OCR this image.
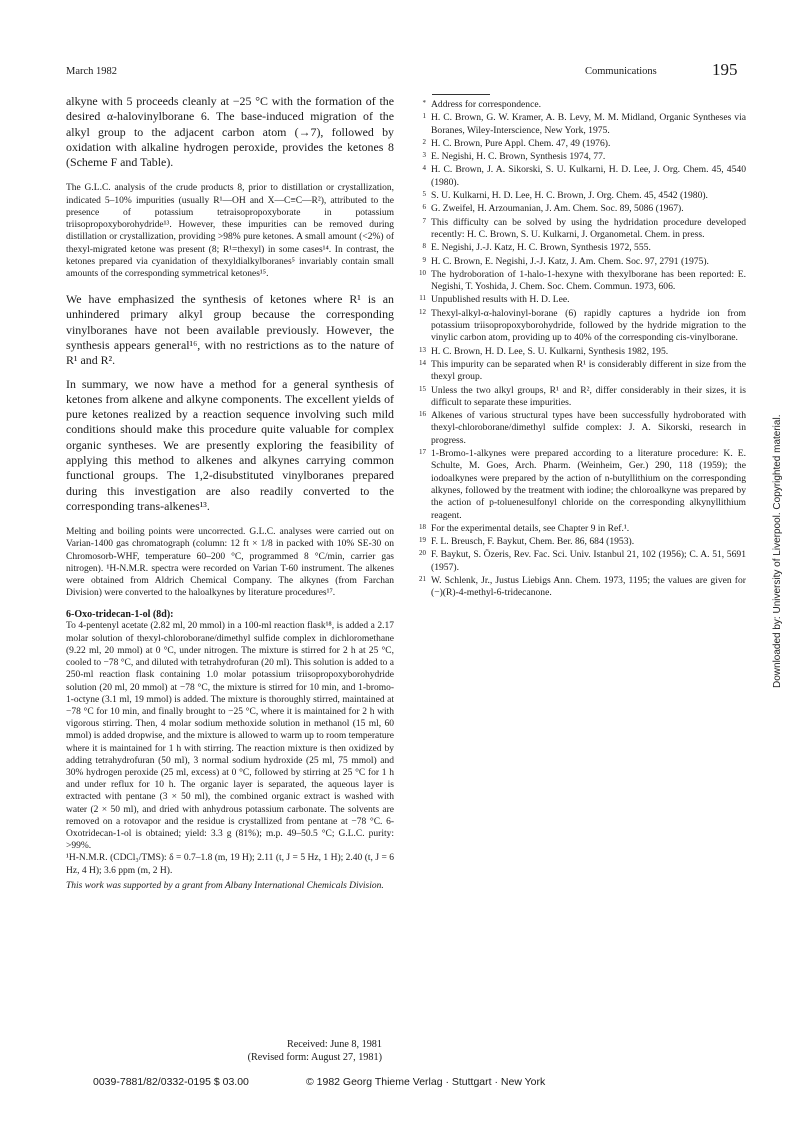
March 1982	Communications	195

alkyne with 5 proceeds cleanly at −25 °C with the formation of the desired α-halovinylborane 6. The base-induced migration of the alkyl group to the adjacent carbon atom (→7), followed by oxidation with alkaline hydrogen peroxide, provides the ketones 8 (Scheme F and Table).

The G.L.C. analysis of the crude products 8, prior to distillation or crystallization, indicated 5–10% impurities (usually R¹—OH and X—C≡C—R²), attributed to the presence of potassium tetraisopropoxyborate in potassium triisopropoxyborohydride¹³. However, these impurities can be removed during distillation or crystallization, providing >98% pure ketones. A small amount (<2%) of thexyl-migrated ketone was present (8; R¹=thexyl) in some cases¹⁴. In contrast, the ketones prepared via cyanidation of thexyldialkylboranes⁵ invariably contain small amounts of the corresponding symmetrical ketones¹⁵.

We have emphasized the synthesis of ketones where R¹ is an unhindered primary alkyl group because the corresponding vinylboranes have not been available previously. However, the synthesis appears general¹⁶, with no restrictions as to the nature of R¹ and R².

In summary, we now have a method for a general synthesis of ketones from alkene and alkyne components. The excellent yields of pure ketones realized by a reaction sequence involving such mild conditions should make this procedure quite valuable for complex organic syntheses. We are presently exploring the feasibility of applying this method to alkenes and alkynes carrying common functional groups. The 1,2-disubstituted vinylboranes prepared during this investigation are also readily converted to the corresponding trans-alkenes¹³.

Melting and boiling points were uncorrected. G.L.C. analyses were carried out on Varian-1400 gas chromatograph (column: 12 ft × 1/8 in packed with 10% SE-30 on Chromosorb-WHF, temperature 60–200 °C, programmed 8 °C/min, carrier gas nitrogen). ¹H-N.M.R. spectra were recorded on Varian T-60 instrument. The alkenes were obtained from Aldrich Chemical Company. The alkynes (from Farchan Division) were converted to the haloalkynes by literature procedures¹⁷.

6-Oxo-tridecan-1-ol (8d):

To 4-pentenyl acetate (2.82 ml, 20 mmol) in a 100-ml reaction flask¹⁸, is added a 2.17 molar solution of thexyl-chloroborane/dimethyl sulfide complex in dichloromethane (9.22 ml, 20 mmol) at 0 °C, under nitrogen. The mixture is stirred for 2 h at 25 °C, cooled to −78 °C, and diluted with tetrahydrofuran (20 ml). This solution is added to a 250-ml reaction flask containing 1.0 molar potassium triisopropoxyborohydride solution (20 ml, 20 mmol) at −78 °C, the mixture is stirred for 10 min, and 1-bromo-1-octyne (3.1 ml, 19 mmol) is added. The mixture is thoroughly stirred, maintained at −78 °C for 10 min, and finally brought to −25 °C, where it is maintained for 2 h with vigorous stirring. Then, 4 molar sodium methoxide solution in methanol (15 ml, 60 mmol) is added dropwise, and the mixture is allowed to warm up to room temperature where it is maintained for 1 h with stirring. The reaction mixture is then oxidized by adding tetrahydrofuran (50 ml), 3 normal sodium hydroxide (25 ml, 75 mmol) and 30% hydrogen peroxide (25 ml, excess) at 0 °C, followed by stirring at 25 °C for 1 h and under reflux for 10 h. The organic layer is separated, the aqueous layer is extracted with pentane (3 × 50 ml), the combined organic extract is washed with water (2 × 50 ml), and dried with anhydrous potassium carbonate. The solvents are removed on a rotovapor and the residue is crystallized from pentane at −78 °C. 6-Oxotridecan-1-ol is obtained; yield: 3.3 g (81%); m.p. 49–50.5 °C; G.L.C. purity: >99%.

¹H-N.M.R. (CDCl₃/TMS): δ = 0.7–1.8 (m, 19 H); 2.11 (t, J = 5 Hz, 1 H); 2.40 (t, J = 6 Hz, 4 H); 3.6 ppm (m, 2 H).

This work was supported by a grant from Albany International Chemicals Division.

Received: June 8, 1981
(Revised form: August 27, 1981)
* Address for correspondence.
1 H. C. Brown, G. W. Kramer, A. B. Levy, M. M. Midland, Organic Syntheses via Boranes, Wiley-Interscience, New York, 1975.
2 H. C. Brown, Pure Appl. Chem. 47, 49 (1976).
3 E. Negishi, H. C. Brown, Synthesis 1974, 77.
4 H. C. Brown, J. A. Sikorski, S. U. Kulkarni, H. D. Lee, J. Org. Chem. 45, 4540 (1980).
5 S. U. Kulkarni, H. D. Lee, H. C. Brown, J. Org. Chem. 45, 4542 (1980).
6 G. Zweifel, H. Arzoumanian, J. Am. Chem. Soc. 89, 5086 (1967).
7 This difficulty can be solved by using the hydridation procedure developed recently: H. C. Brown, S. U. Kulkarni, J. Organometal. Chem. in press.
8 E. Negishi, J.-J. Katz, H. C. Brown, Synthesis 1972, 555.
9 H. C. Brown, E. Negishi, J.-J. Katz, J. Am. Chem. Soc. 97, 2791 (1975).
10 The hydroboration of 1-halo-1-hexyne with thexylborane has been reported: E. Negishi, T. Yoshida, J. Chem. Soc. Chem. Commun. 1973, 606.
11 Unpublished results with H. D. Lee.
12 Thexyl-alkyl-α-halovinyl-borane (6) rapidly captures a hydride ion from potassium triisopropoxyborohydride, followed by the hydride migration to the vinylic carbon atom, providing up to 40% of the corresponding cis-vinylborane.
13 H. C. Brown, H. D. Lee, S. U. Kulkarni, Synthesis 1982, 195.
14 This impurity can be separated when R¹ is considerably different in size from the thexyl group.
15 Unless the two alkyl groups, R¹ and R², differ considerably in their sizes, it is difficult to separate these impurities.
16 Alkenes of various structural types have been successfully hydroborated with thexyl-chloroborane/dimethyl sulfide complex: J. A. Sikorski, research in progress.
17 1-Bromo-1-alkynes were prepared according to a literature procedure: K. E. Schulte, M. Goes, Arch. Pharm. (Weinheim, Ger.) 290, 118 (1959); the iodoalkynes were prepared by the action of n-butyllithium on the corresponding alkynes, followed by the treatment with iodine; the chloroalkyne was prepared by the action of p-toluenesulfonyl chloride on the corresponding alkynyllithium reagent.
18 For the experimental details, see Chapter 9 in Ref.¹.
19 F. L. Breusch, F. Baykut, Chem. Ber. 86, 684 (1953).
20 F. Baykut, S. Özeris, Rev. Fac. Sci. Univ. Istanbul 21, 102 (1956); C. A. 51, 5691 (1957).
21 W. Schlenk, Jr., Justus Liebigs Ann. Chem. 1973, 1195; the values are given for (−)(R)-4-methyl-6-tridecanone.
0039-7881/82/0332-0195 $ 03.00	© 1982 Georg Thieme Verlag · Stuttgart · New York
Downloaded by: University of Liverpool. Copyrighted material.
